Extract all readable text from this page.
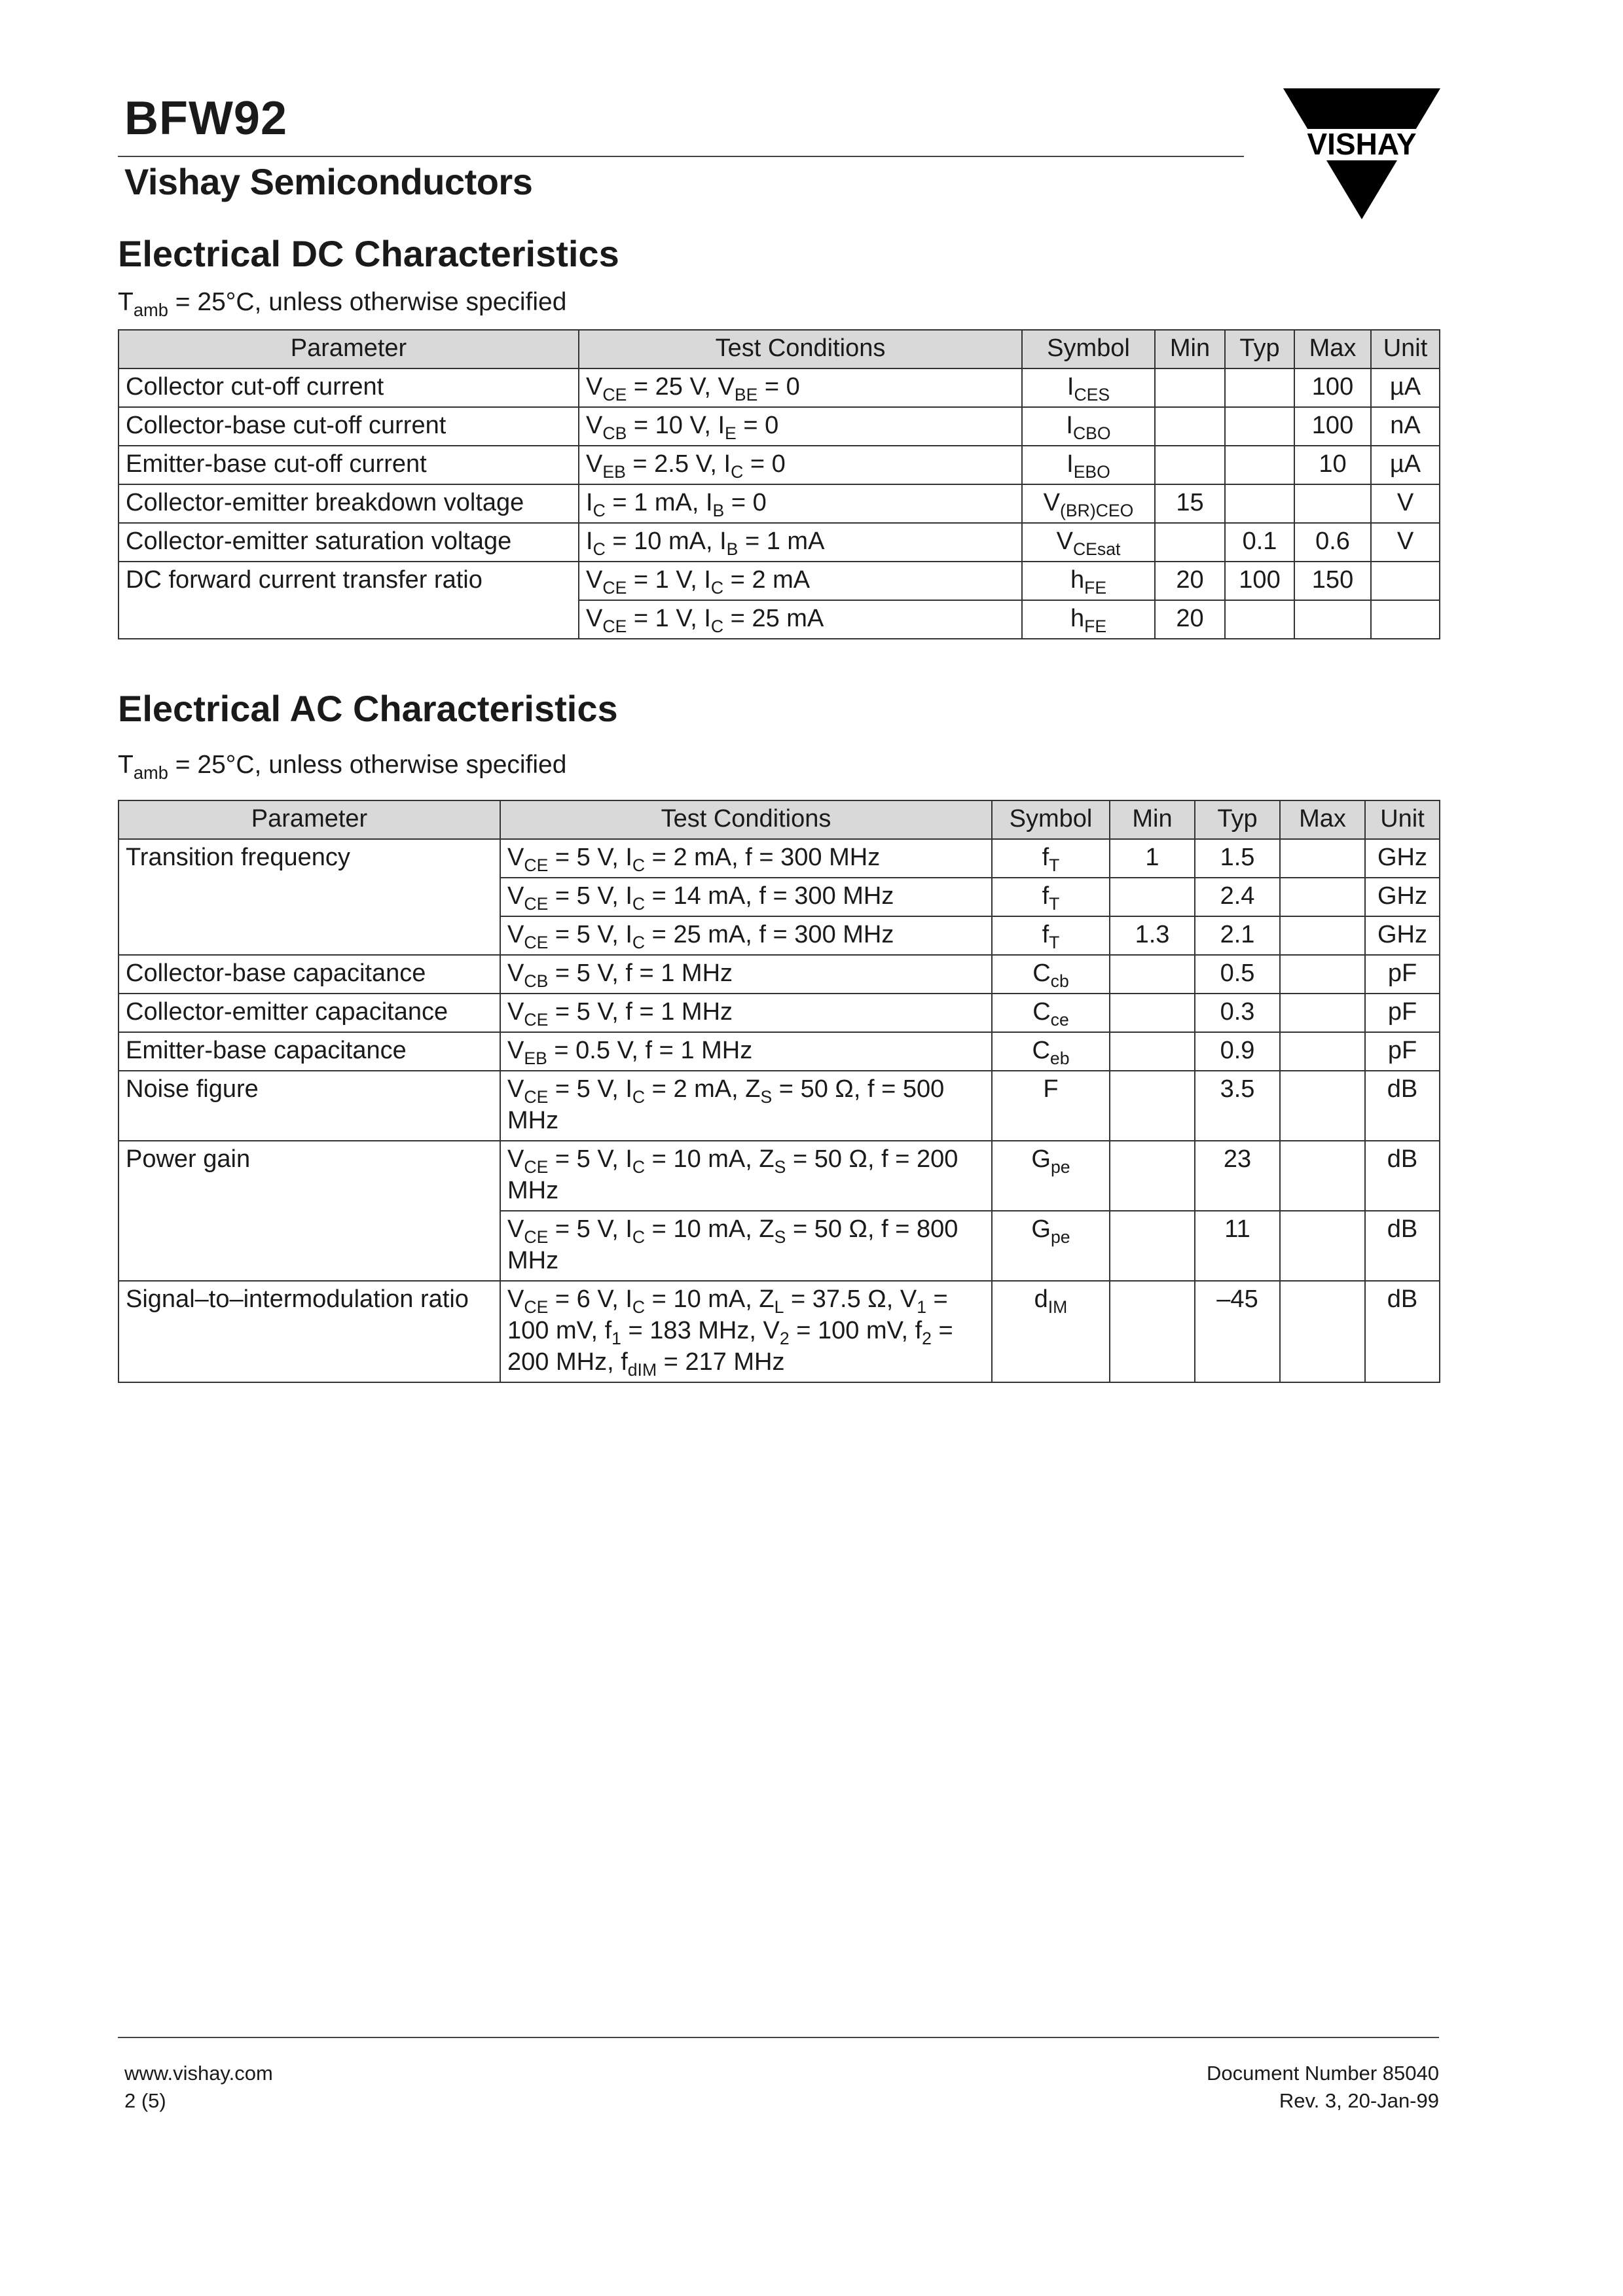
BFW92
Vishay Semiconductors
VISHAY
Electrical DC Characteristics
$T_{amb} = 25^\circ C$, unless otherwise specified
Parameter	Test Conditions	Symbol	Min	Typ	Max	Unit
Collector cut-off current	$V_{CE} = 25$ V, $V_{BE} = 0$	$I_{CES}$			100	µA
Collector-base cut-off current	$V_{CB} = 10$ V, $I_E = 0$	$I_{CBO}$			100	nA
Emitter-base cut-off current	$V_{EB} = 2.5$ V, $I_C = 0$	$I_{EBO}$			10	µA
Collector-emitter breakdown voltage	$I_C = 1$ mA, $I_B = 0$	$V_{(BR)CEO}$	15			V
Collector-emitter saturation voltage	$I_C = 10$ mA, $I_B = 1$ mA	$V_{CEsat}$		0.1	0.6	V
DC forward current transfer ratio	$V_{CE} = 1$ V, $I_C = 2$ mA	$h_{FE}$	20	100	150	
	$V_{CE} = 1$ V, $I_C = 25$ mA	$h_{FE}$	20			
Electrical AC Characteristics
$T_{amb} = 25^\circ C$, unless otherwise specified
Parameter	Test Conditions	Symbol	Min	Typ	Max	Unit
Transition frequency	$V_{CE} = 5$ V, $I_C = 2$ mA, f = 300 MHz	$f_T$	1	1.5		GHz
	$V_{CE} = 5$ V, $I_C = 14$ mA, f = 300 MHz	$f_T$		2.4		GHz
	$V_{CE} = 5$ V, $I_C = 25$ mA, f = 300 MHz	$f_T$	1.3	2.1		GHz
Collector-base capacitance	$V_{CB} = 5$ V, f = 1 MHz	$C_{cb}$		0.5		pF
Collector-emitter capacitance	$V_{CE} = 5$ V, f = 1 MHz	$C_{ce}$		0.3		pF
Emitter-base capacitance	$V_{EB} = 0.5$ V, f = 1 MHz	$C_{eb}$		0.9		pF
Noise figure	$V_{CE} = 5$ V, $I_C = 2$ mA, $Z_S = 50$ Ω, f = 500 MHz	F		3.5		dB
Power gain	$V_{CE} = 5$ V, $I_C = 10$ mA, $Z_S = 50$ Ω, f = 200 MHz	$G_{pe}$		23		dB
	$V_{CE} = 5$ V, $I_C = 10$ mA, $Z_S = 50$ Ω, f = 800 MHz	$G_{pe}$		11		dB
Signal–to–intermodulation ratio	$V_{CE} = 6$ V, $I_C = 10$ mA, $Z_L = 37.5$ Ω, $V_1 = 100$ mV, $f_1 = 183$ MHz, $V_2 = 100$ mV, $f_2 = 200$ MHz, $f_{dIM} = 217$ MHz	$d_{IM}$		–45		dB
www.vishay.com
2 (5)
Document Number 85040
Rev. 3, 20-Jan-99
